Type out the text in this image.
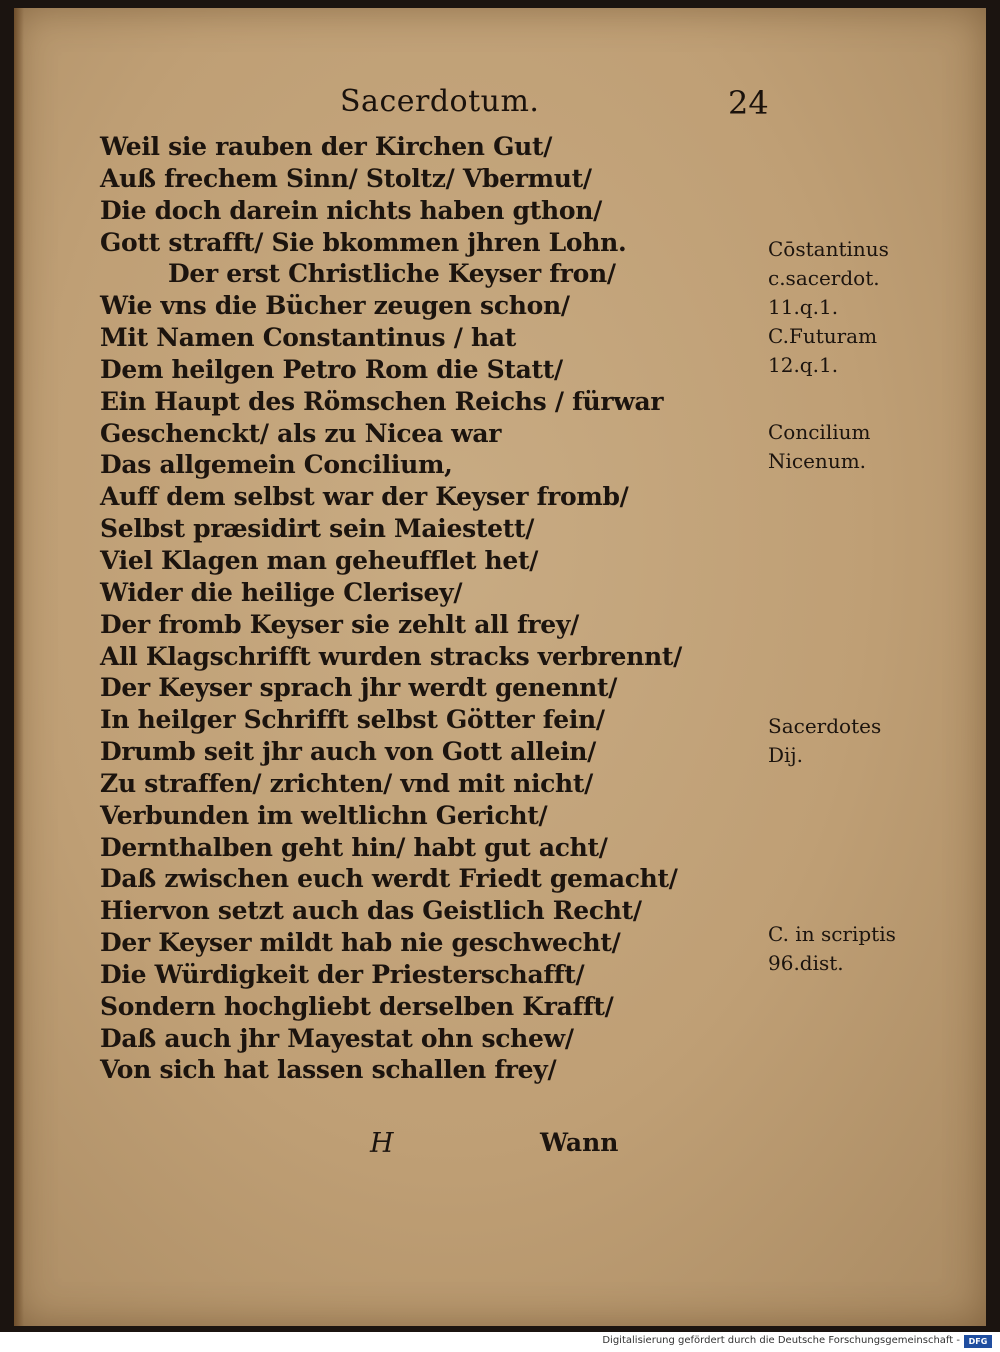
Sacerdotum.	24
Weil sie rauben der Kirchen Gut/
Auß frechem Sinn/ Stoltz/ Vbermut/
Die doch darein nichts haben gthon/
Gott strafft/ Sie bkommen jhren Lohn.
Der erst Christliche Keyser fron/
Wie vns die Bücher zeugen schon/
Mit Namen Constantinus / hat
Dem heilgen Petro Rom die Statt/
Ein Haupt des Römschen Reichs / fürwar
Geschenckt/ als zu Nicea war
Das allgemein Concilium,
Auff dem selbst war der Keyser fromb/
Selbst præsidirt sein Maiestett/
Viel Klagen man geheufflet het/
Wider die heilige Clerisey/
Der fromb Keyser sie zehlt all frey/
All Klagschrifft wurden stracks verbrennt/
Der Keyser sprach jhr werdt genennt/
In heilger Schrifft selbst Götter fein/
Drumb seit jhr auch von Gott allein/
Zu straffen/ zrichten/ vnd mit nicht/
Verbunden im weltlichn Gericht/
Dernthalben geht hin/ habt gut acht/
Daß zwischen euch werdt Friedt gemacht/
Hiervon setzt auch das Geistlich Recht/
Der Keyser mildt hab nie geschwecht/
Die Würdigkeit der Priesterschafft/
Sondern hochgliebt derselben Krafft/
Daß auch jhr Mayestat ohn schew/
Von sich hat lassen schallen frey/
Cōstantinus
c.sacerdot.
11.q.1.
C.Futuram
12.q.1.
Concilium
Nicenum.
Sacerdotes
Dij.
C. in scriptis
96.dist.
H	Wann
Digitalisierung gefördert durch die Deutsche Forschungsgemeinschaft -	DFG
